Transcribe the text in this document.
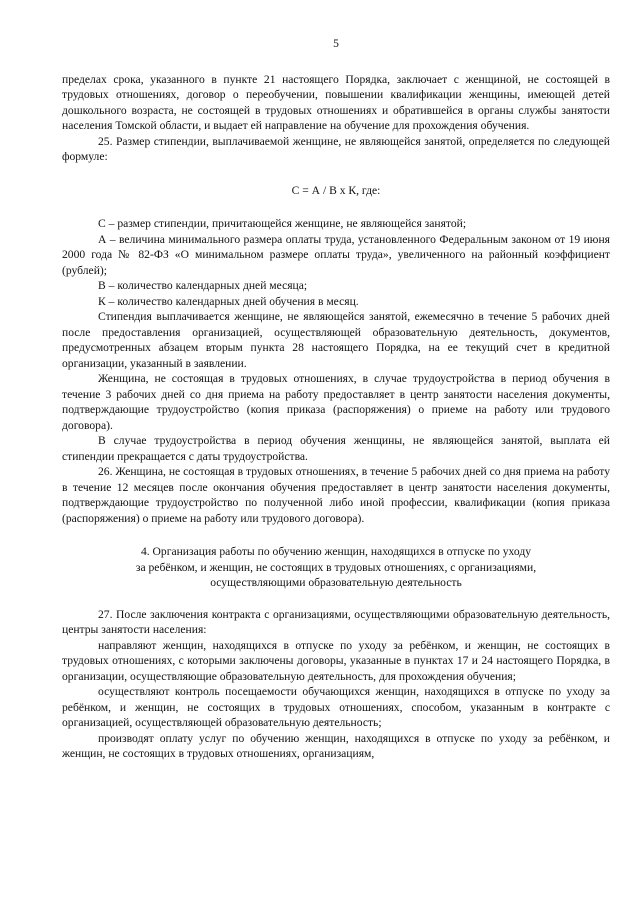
5

пределах срока, указанного в пункте 21 настоящего Порядка, заключает с женщиной, не состоящей в трудовых отношениях, договор о переобучении, повышении квалификации женщины, имеющей детей дошкольного возраста, не состоящей в трудовых отношениях и обратившейся в органы службы занятости населения Томской области, и выдает ей направление на обучение для прохождения обучения.

25. Размер стипендии, выплачиваемой женщине, не являющейся занятой, определяется по следующей формуле:

С = А / В x К, где:

С – размер стипендии, причитающейся женщине, не являющейся занятой;

А – величина минимального размера оплаты труда, установленного Федеральным законом от 19 июня 2000 года № 82-ФЗ «О минимальном размере оплаты труда», увеличенного на районный коэффициент (рублей);

В – количество календарных дней месяца;

К – количество календарных дней обучения в месяц.

Стипендия выплачивается женщине, не являющейся занятой, ежемесячно в течение 5 рабочих дней после предоставления организацией, осуществляющей образовательную деятельность, документов, предусмотренных абзацем вторым пункта 28 настоящего Порядка, на ее текущий счет в кредитной организации, указанный в заявлении.

Женщина, не состоящая в трудовых отношениях, в случае трудоустройства в период обучения в течение 3 рабочих дней со дня приема на работу предоставляет в центр занятости населения документы, подтверждающие трудоустройство (копия приказа (распоряжения) о приеме на работу или трудового договора).

В случае трудоустройства в период обучения женщины, не являющейся занятой, выплата ей стипендии прекращается с даты трудоустройства.

26. Женщина, не состоящая в трудовых отношениях, в течение 5 рабочих дней со дня приема на работу в течение 12 месяцев после окончания обучения предоставляет в центр занятости населения документы, подтверждающие трудоустройство по полученной либо иной профессии, квалификации (копия приказа (распоряжения) о приеме на работу или трудового договора).

4. Организация работы по обучению женщин, находящихся в отпуске по уходу
за ребёнком, и женщин, не состоящих в трудовых отношениях, с организациями,
осуществляющими образовательную деятельность

27. После заключения контракта с организациями, осуществляющими образовательную деятельность, центры занятости населения:

направляют женщин, находящихся в отпуске по уходу за ребёнком, и женщин, не состоящих в трудовых отношениях, с которыми заключены договоры, указанные в пунктах 17 и 24 настоящего Порядка, в организации, осуществляющие образовательную деятельность, для прохождения обучения;

осуществляют контроль посещаемости обучающихся женщин, находящихся в отпуске по уходу за ребёнком, и женщин, не состоящих в трудовых отношениях, способом, указанным в контракте с организацией, осуществляющей образовательную деятельность;

производят оплату услуг по обучению женщин, находящихся в отпуске по уходу за ребёнком, и женщин, не состоящих в трудовых отношениях, организациям,
